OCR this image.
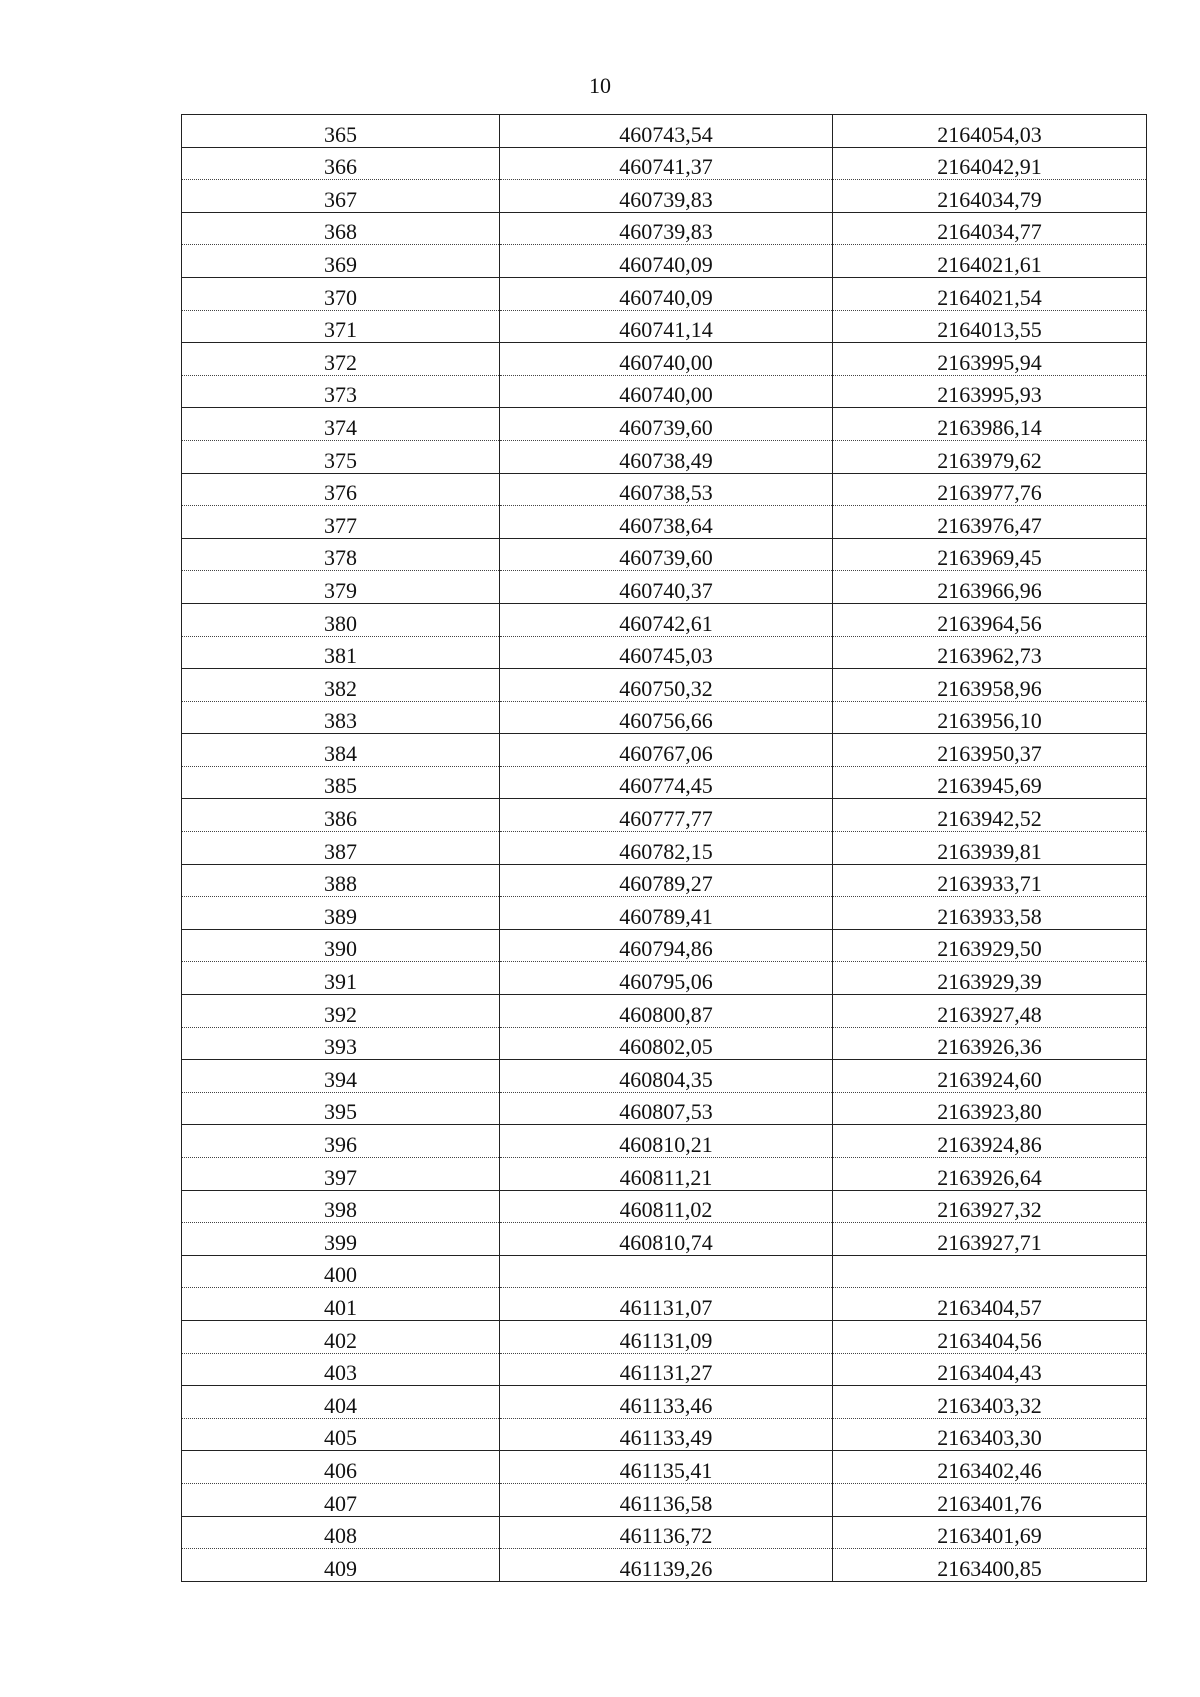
10
365	460743,54	2164054,03
366	460741,37	2164042,91
367	460739,83	2164034,79
368	460739,83	2164034,77
369	460740,09	2164021,61
370	460740,09	2164021,54
371	460741,14	2164013,55
372	460740,00	2163995,94
373	460740,00	2163995,93
374	460739,60	2163986,14
375	460738,49	2163979,62
376	460738,53	2163977,76
377	460738,64	2163976,47
378	460739,60	2163969,45
379	460740,37	2163966,96
380	460742,61	2163964,56
381	460745,03	2163962,73
382	460750,32	2163958,96
383	460756,66	2163956,10
384	460767,06	2163950,37
385	460774,45	2163945,69
386	460777,77	2163942,52
387	460782,15	2163939,81
388	460789,27	2163933,71
389	460789,41	2163933,58
390	460794,86	2163929,50
391	460795,06	2163929,39
392	460800,87	2163927,48
393	460802,05	2163926,36
394	460804,35	2163924,60
395	460807,53	2163923,80
396	460810,21	2163924,86
397	460811,21	2163926,64
398	460811,02	2163927,32
399	460810,74	2163927,71
400		
401	461131,07	2163404,57
402	461131,09	2163404,56
403	461131,27	2163404,43
404	461133,46	2163403,32
405	461133,49	2163403,30
406	461135,41	2163402,46
407	461136,58	2163401,76
408	461136,72	2163401,69
409	461139,26	2163400,85
